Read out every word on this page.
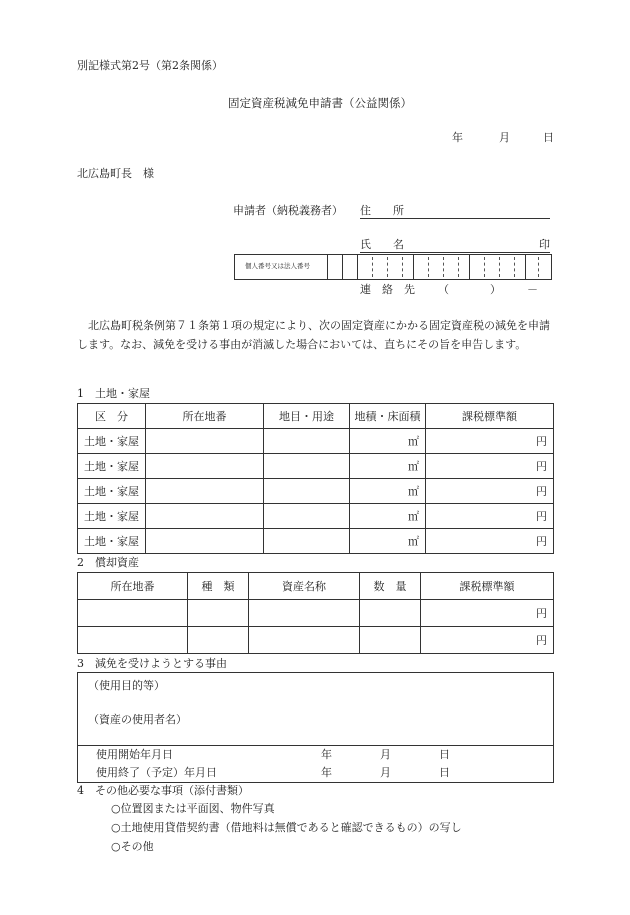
別記様式第2号（第2条関係）
固定資産税減免申請書（公益関係）
年	月	日
北広島町長　様
申請者（納税義務者） 住　　所
氏　　名	印
個人番号又は法人番号
連　絡　先 （	） －
北広島町税条例第７１条第１項の規定により、次の固定資産にかかる固定資産税の減免を申請します。なお、減免を受ける事由が消滅した場合においては、直ちにその旨を申告します。
1　土地・家屋
区　分	所在地番	地目・用途	地積・床面積	課税標準額
土地・家屋			㎡	円
土地・家屋			㎡	円
土地・家屋			㎡	円
土地・家屋			㎡	円
土地・家屋			㎡	円
2　償却資産
所在地番	種　類	資産名称	数　量	課税標準額
				円
				円
3　減免を受けようとする事由
（使用目的等）
（資産の使用者名）
使用開始年月日	年	月	日
使用終了（予定）年月日	年	月	日
4　その他必要な事項（添付書類）
○位置図または平面図、物件写真
○土地使用貸借契約書（借地料は無償であると確認できるもの）の写し
○その他
